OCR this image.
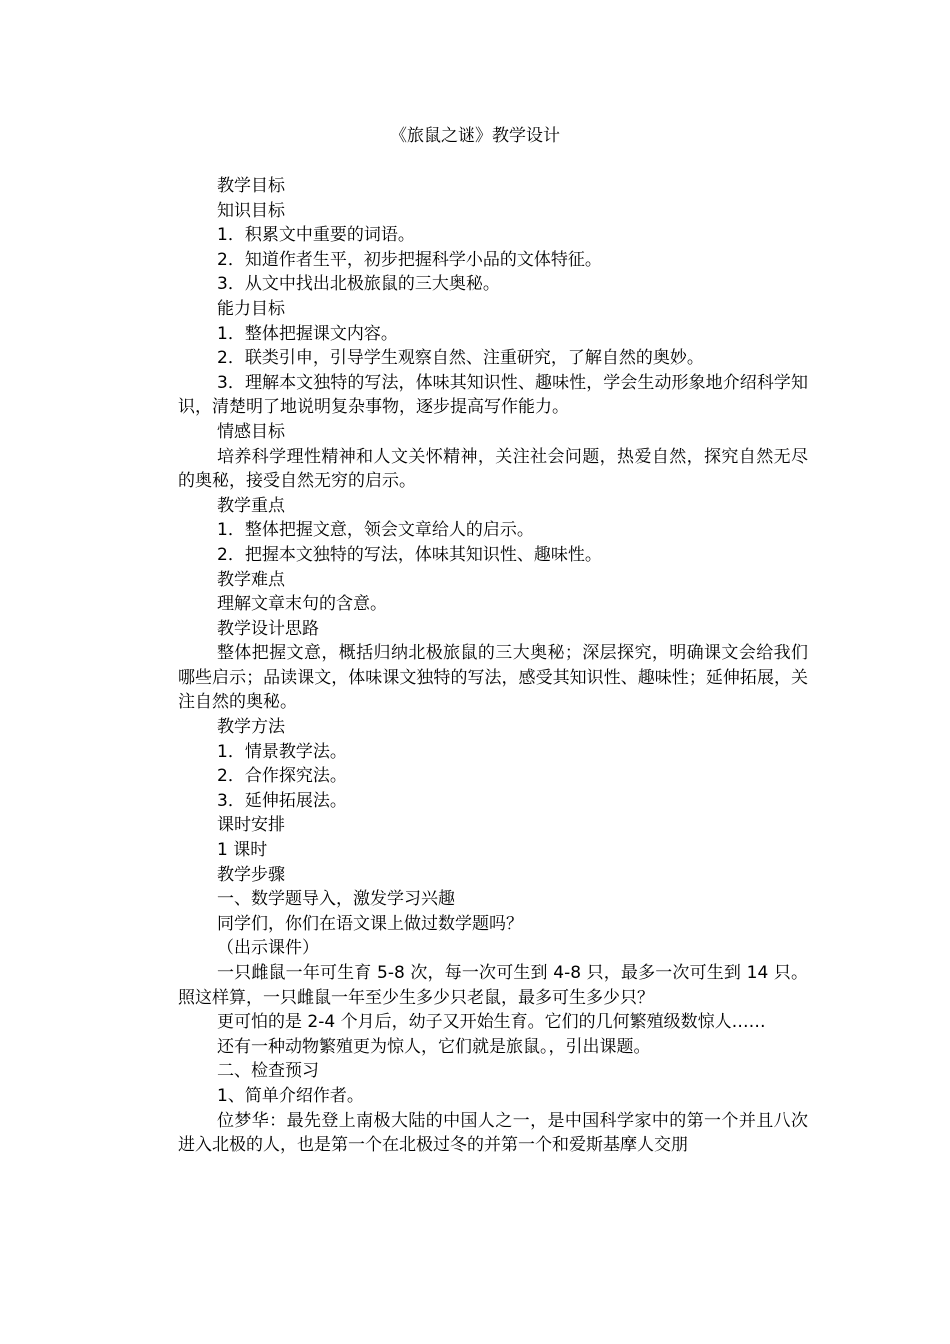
《旅鼠之谜》教学设计

教学目标

知识目标

1．积累文中重要的词语。

2．知道作者生平，初步把握科学小品的文体特征。

3．从文中找出北极旅鼠的三大奥秘。

能力目标

1．整体把握课文内容。

2．联类引申，引导学生观察自然、注重研究，了解自然的奥妙。

3．理解本文独特的写法，体味其知识性、趣味性，学会生动形象地介绍科学知识，清楚明了地说明复杂事物，逐步提高写作能力。

情感目标

培养科学理性精神和人文关怀精神，关注社会问题，热爱自然，探究自然无尽的奥秘，接受自然无穷的启示。

教学重点

1．整体把握文意，领会文章给人的启示。

2．把握本文独特的写法，体味其知识性、趣味性。

教学难点

理解文章末句的含意。

教学设计思路

整体把握文意，概括归纳北极旅鼠的三大奥秘；深层探究，明确课文会给我们哪些启示；品读课文，体味课文独特的写法，感受其知识性、趣味性；延伸拓展，关注自然的奥秘。

教学方法

1．情景教学法。

2．合作探究法。

3．延伸拓展法。

课时安排

1 课时

教学步骤

一、数学题导入，激发学习兴趣

同学们，你们在语文课上做过数学题吗？

（出示课件）

一只雌鼠一年可生育 5-8 次，每一次可生到 4-8 只，最多一次可生到 14 只。照这样算，一只雌鼠一年至少生多少只老鼠，最多可生多少只？

更可怕的是 2-4 个月后，幼子又开始生育。它们的几何繁殖级数惊人……

还有一种动物繁殖更为惊人，它们就是旅鼠。，引出课题。

二、检查预习

1、简单介绍作者。

位梦华：最先登上南极大陆的中国人之一，是中国科学家中的第一个并且八次进入北极的人，也是第一个在北极过冬的并第一个和爱斯基摩人交朋
